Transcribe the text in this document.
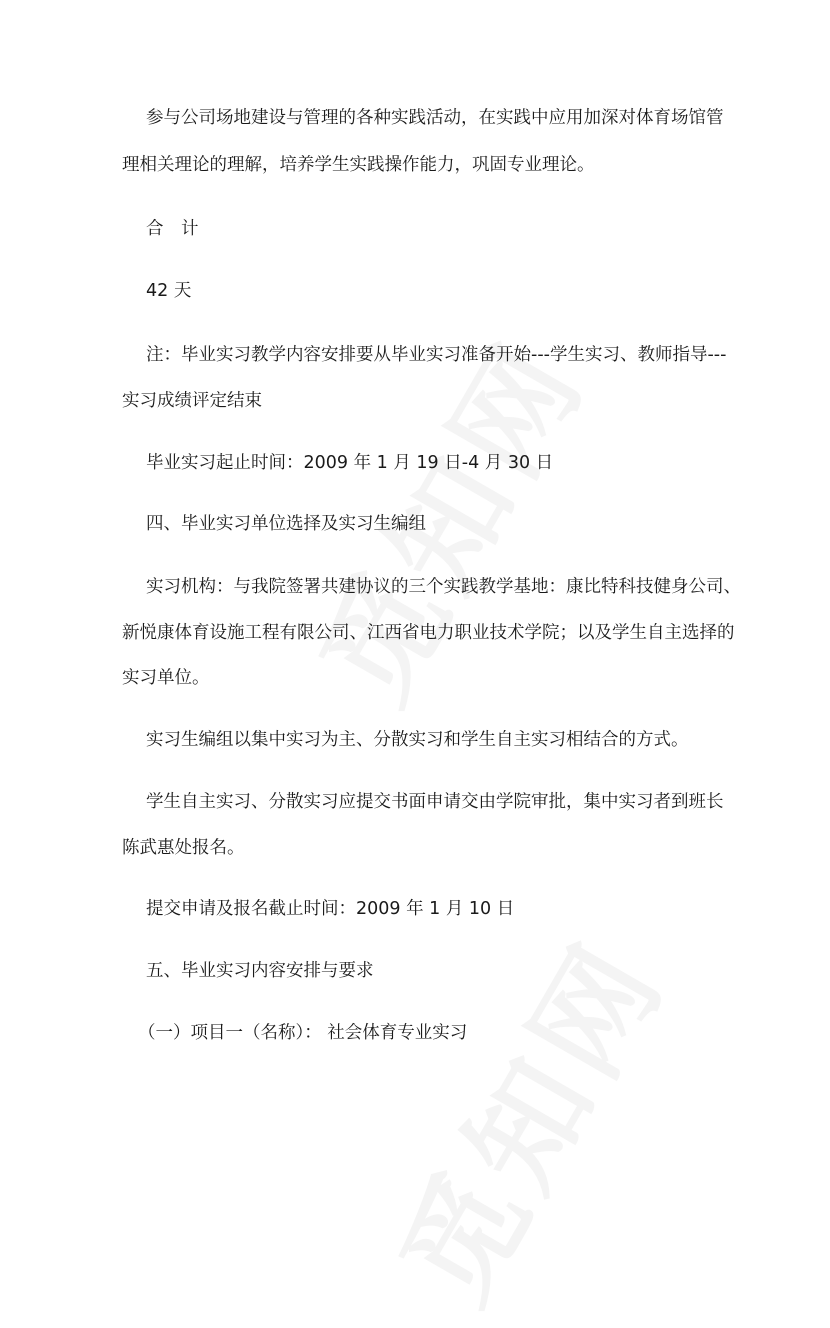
参与公司场地建设与管理的各种实践活动，在实践中应用加深对体育场馆管
理相关理论的理解，培养学生实践操作能力，巩固专业理论。
合　计
42 天
注：毕业实习教学内容安排要从毕业实习准备开始---学生实习、教师指导---
实习成绩评定结束
毕业实习起止时间：2009 年 1 月 19 日-4 月 30 日
四、毕业实习单位选择及实习生编组
实习机构：与我院签署共建协议的三个实践教学基地：康比特科技健身公司、
新悦康体育设施工程有限公司、江西省电力职业技术学院；以及学生自主选择的
实习单位。
实习生编组以集中实习为主、分散实习和学生自主实习相结合的方式。
学生自主实习、分散实习应提交书面申请交由学院审批，集中实习者到班长
陈武惠处报名。
提交申请及报名截止时间：2009 年 1 月 10 日
五、毕业实习内容安排与要求
（一）项目一（名称）： 社会体育专业实习
